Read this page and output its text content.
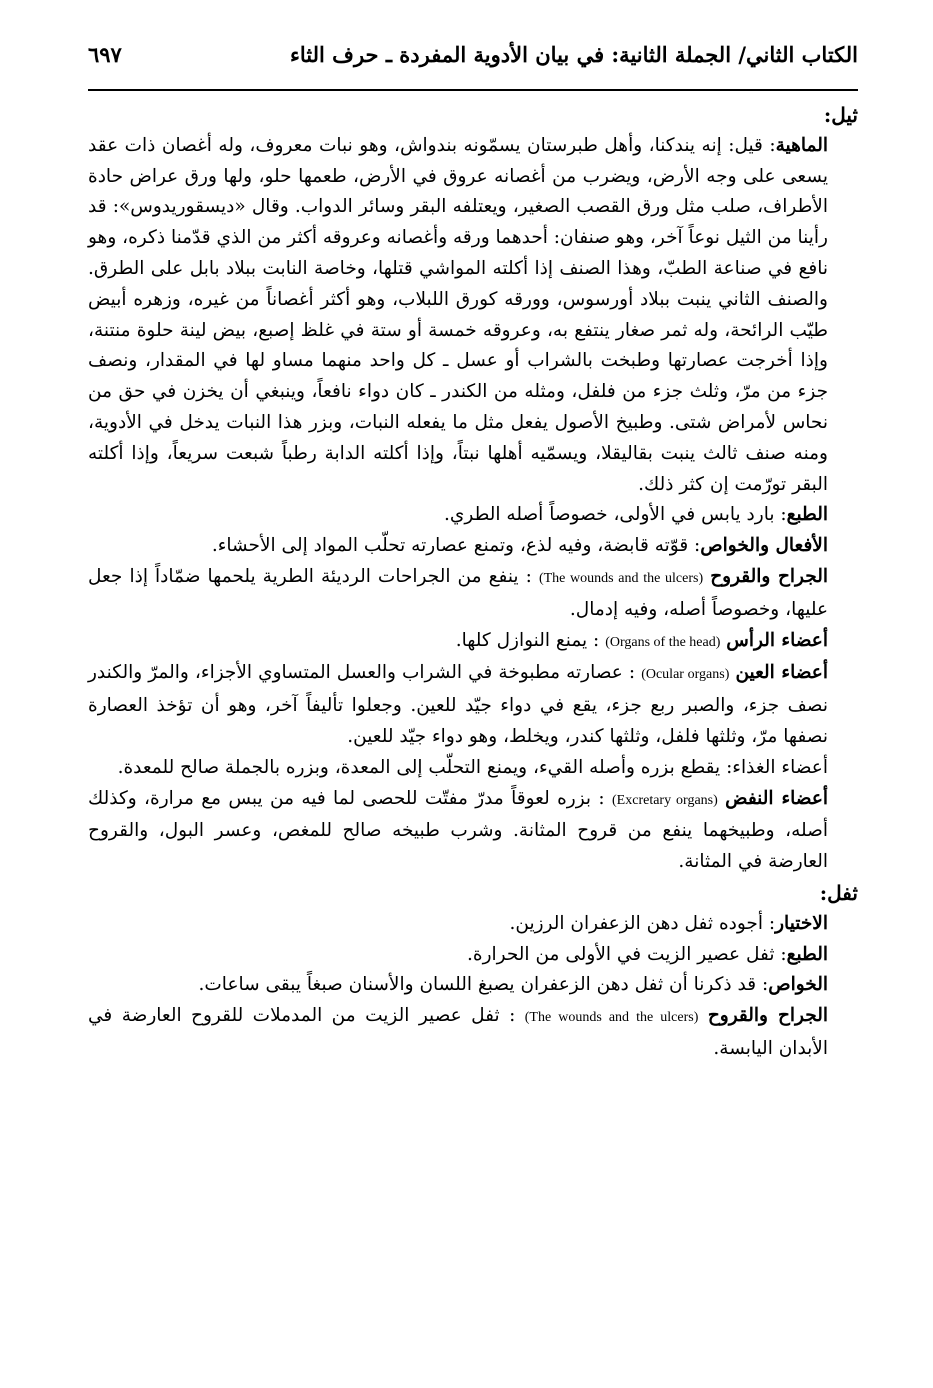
الكتاب الثاني/ الجملة الثانية: في بيان الأدوية المفردة ـ حرف الثاء
٦٩٧

ثيل:

الماهية: قيل: إنه يندكنا، وأهل طبرستان يسمّونه بندواش، وهو نبات معروف، وله أغصان ذات عقد يسعى على وجه الأرض، ويضرب من أغصانه عروق في الأرض، طعمها حلو، ولها ورق عراض حادة الأطراف، صلب مثل ورق القصب الصغير، ويعتلفه البقر وسائر الدواب. وقال «ديسقوريدوس»: قد رأينا من الثيل نوعاً آخر، وهو صنفان: أحدهما ورقه وأغصانه وعروقه أكثر من الذي قدّمنا ذكره، وهو نافع في صناعة الطبّ، وهذا الصنف إذا أكلته المواشي قتلها، وخاصة النابت ببلاد بابل على الطرق. والصنف الثاني ينبت ببلاد أورسوس، وورقه كورق اللبلاب، وهو أكثر أغصاناً من غيره، وزهره أبيض طيّب الرائحة، وله ثمر صغار ينتفع به، وعروقه خمسة أو ستة في غلظ إصبع، بيض لينة حلوة منتنة، وإذا أخرجت عصارتها وطبخت بالشراب أو عسل ـ كل واحد منهما مساو لها في المقدار، ونصف جزء من مرّ، وثلث جزء من فلفل، ومثله من الكندر ـ كان دواء نافعاً، وينبغي أن يخزن في حق من نحاس لأمراض شتى. وطبيخ الأصول يفعل مثل ما يفعله النبات، وبزر هذا النبات يدخل في الأدوية، ومنه صنف ثالث ينبت بقاليقلا، ويسمّيه أهلها نبتاً، وإذا أكلته الدابة رطباً شبعت سريعاً، وإذا أكلته البقر تورّمت إن كثر ذلك.

الطبع: بارد يابس في الأولى، خصوصاً أصله الطري.

الأفعال والخواص: قوّته قابضة، وفيه لذع، وتمنع عصارته تحلّب المواد إلى الأحشاء.

الجراح والقروح (The wounds and the ulcers) : ينفع من الجراحات الرديئة الطرية يلحمها ضمّاداً إذا جعل عليها، وخصوصاً أصله، وفيه إدمال.

أعضاء الرأس (Organs of the head) : يمنع النوازل كلها.

أعضاء العين (Ocular organs) : عصارته مطبوخة في الشراب والعسل المتساوي الأجزاء، والمرّ والكندر نصف جزء، والصبر ربع جزء، يقع في دواء جيّد للعين. وجعلوا تأليفاً آخر، وهو أن تؤخذ العصارة نصفها مرّ، وثلثها فلفل، وثلثها كندر، ويخلط، وهو دواء جيّد للعين.

أعضاء الغذاء: يقطع بزره وأصله القيء، ويمنع التحلّب إلى المعدة، وبزره بالجملة صالح للمعدة.

أعضاء النفض (Excretary organs) : بزره لعوقاً مدرّ مفتّت للحصى لما فيه من يبس مع مرارة، وكذلك أصله، وطبيخهما ينفع من قروح المثانة. وشرب طبيخه صالح للمغص، وعسر البول، والقروح العارضة في المثانة.

ثفل:

الاختيار: أجوده ثفل دهن الزعفران الرزين.

الطبع: ثفل عصير الزيت في الأولى من الحرارة.

الخواص: قد ذكرنا أن ثفل دهن الزعفران يصبغ اللسان والأسنان صبغاً يبقى ساعات.

الجراح والقروح (The wounds and the ulcers) : ثفل عصير الزيت من المدملات للقروح العارضة في الأبدان اليابسة.
